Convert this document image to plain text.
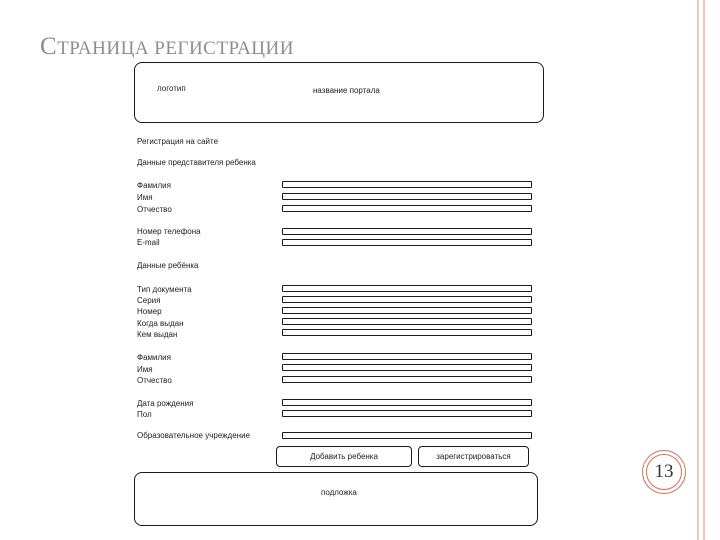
СТРАНИЦА РЕГИСТРАЦИИ
логотип	название портала
Регистрация на сайте
Данные представителя ребенка
Фамилия
Имя
Отчество
Номер телефона
E-mail
Данные ребёнка
Тип документа
Серия
Номер
Когда выдан
Кем выдан
Фамилия
Имя
Отчество
Дата рождения
Пол
Образовательное учреждение
Добавить ребенка	зарегистрироваться
подложка
13
